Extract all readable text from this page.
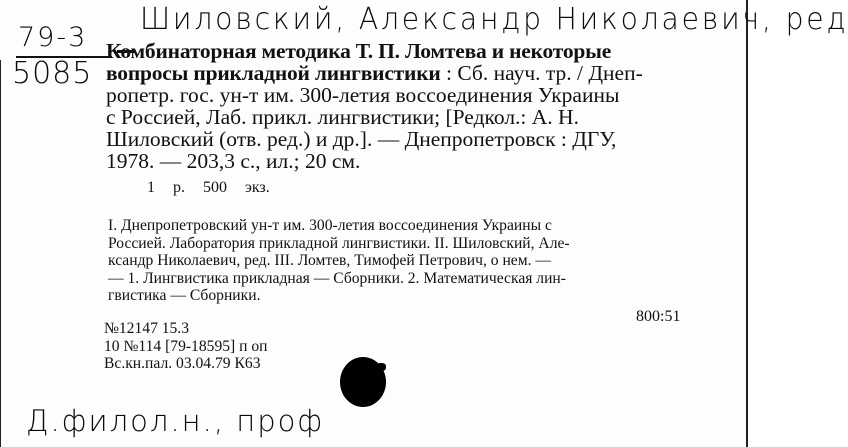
Шиловский, Александр Николаевич, ред
79-3
5085
Комбинаторная методика Т. П. Ломтева и некоторые
вопросы прикладной лингвистики : Сб. науч. тр. / Днеп-
ропетр. гос. ун-т им. 300-летия воссоединения Украины
с Россией, Лаб. прикл. лингвистики; [Редкол.: А. Н.
Шиловский (отв. ред.) и др.]. — Днепропетровск : ДГУ,
1978. — 203,3 с., ил.; 20 см.
1 р. 500 экз.
I. Днепропетровский ун-т им. 300-летия воссоединения Украины с
Россией. Лаборатория прикладной лингвистики. II. Шиловский, Але-
ксандр Николаевич, ред. III. Ломтев, Тимофей Петрович, о нем. —
— 1. Лингвистика прикладная — Сборники. 2. Математическая лин-
гвистика — Сборники.
800:51
№12147 15.3
10 №114 [79-18595] п оп
Вс.кн.пал. 03.04.79 К63
Д.филол.н., проф
